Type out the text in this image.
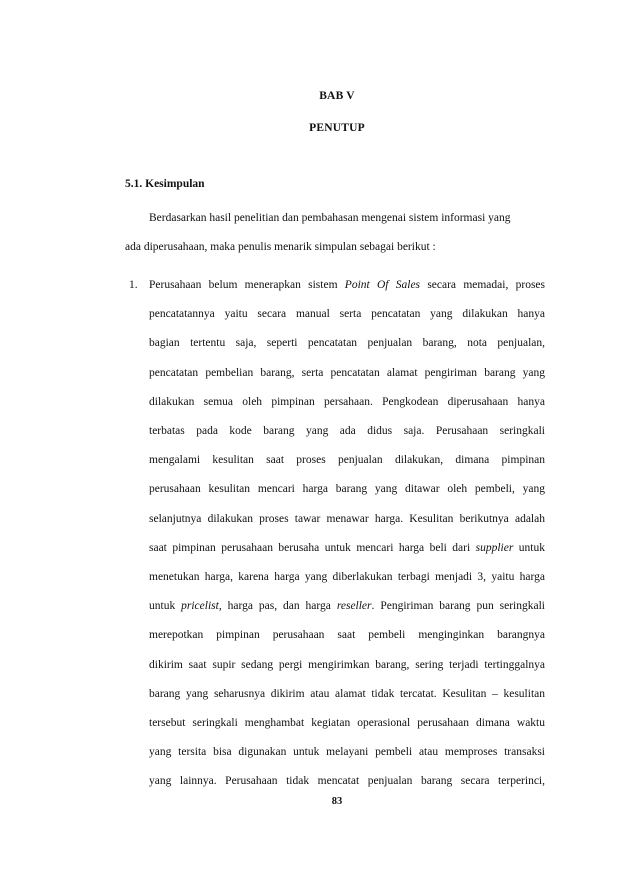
BAB V
PENUTUP
5.1. Kesimpulan
Berdasarkan hasil penelitian dan pembahasan mengenai sistem informasi yang
ada diperusahaan, maka penulis menarik simpulan sebagai berikut :
1. Perusahaan belum menerapkan sistem Point Of Sales secara memadai, proses
pencatatannya yaitu secara manual serta pencatatan yang dilakukan hanya
bagian tertentu saja, seperti pencatatan penjualan barang, nota penjualan,
pencatatan pembelian barang, serta pencatatan alamat pengiriman barang yang
dilakukan semua oleh pimpinan persahaan. Pengkodean diperusahaan hanya
terbatas pada kode barang yang ada didus saja. Perusahaan seringkali
mengalami kesulitan saat proses penjualan dilakukan, dimana pimpinan
perusahaan kesulitan mencari harga barang yang ditawar oleh pembeli, yang
selanjutnya dilakukan proses tawar menawar harga. Kesulitan berikutnya adalah
saat pimpinan perusahaan berusaha untuk mencari harga beli dari supplier untuk
menetukan harga, karena harga yang diberlakukan terbagi menjadi 3, yaitu harga
untuk pricelist, harga pas, dan harga reseller. Pengiriman barang pun seringkali
merepotkan pimpinan perusahaan saat pembeli menginginkan barangnya
dikirim saat supir sedang pergi mengirimkan barang, sering terjadi tertinggalnya
barang yang seharusnya dikirim atau alamat tidak tercatat. Kesulitan – kesulitan
tersebut seringkali menghambat kegiatan operasional perusahaan dimana waktu
yang tersita bisa digunakan untuk melayani pembeli atau memproses transaksi
yang lainnya. Perusahaan tidak mencatat penjualan barang secara terperinci,
83
